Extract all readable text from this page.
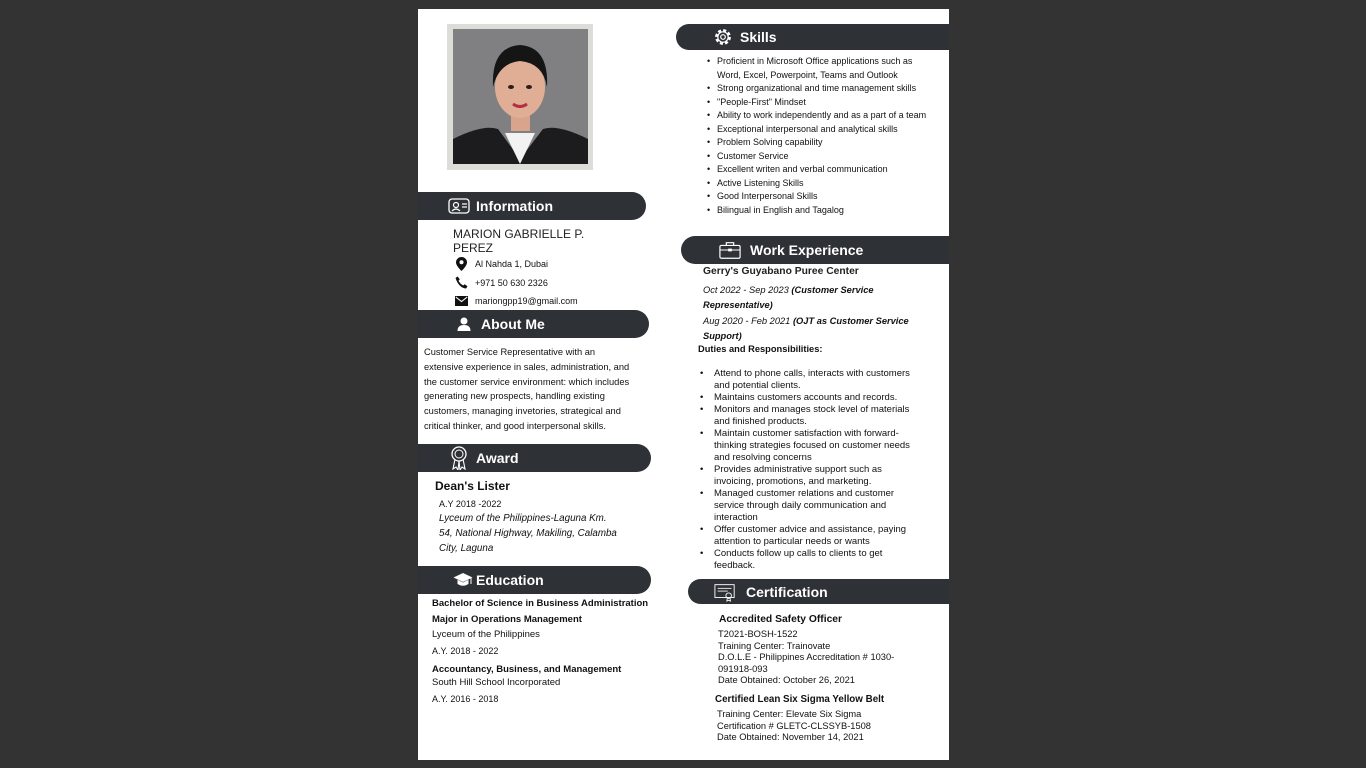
Information
MARION GABRIELLE P.
PEREZ
Al Nahda 1, Dubai
+971 50 630 2326
mariongpp19@gmail.com
About Me
Customer Service Representative with an
extensive experience in sales, administration, and
the customer service environment: which includes
generating new prospects, handling existing
customers, managing invetories, strategical and
critical thinker, and good interpersonal skills.
Award
Dean's Lister
A.Y 2018 -2022
Lyceum of the Philippines-Laguna Km.
54, National Highway, Makiling, Calamba
City, Laguna
Education
Bachelor of Science in Business Administration
Major in Operations Management
Lyceum of the Philippines
A.Y. 2018 - 2022
Accountancy, Business, and Management
South Hill School Incorporated
A.Y. 2016 - 2018
Skills
• Proficient in Microsoft Office applications such as
Word, Excel, Powerpoint, Teams and Outlook
• Strong organizational and time management skills
• "People-First" Mindset
• Ability to work independently and as a part of a team
• Exceptional interpersonal and analytical skills
• Problem Solving capability
• Customer Service
• Excellent writen and verbal communication
• Active Listening Skills
• Good Interpersonal Skills
• Bilingual in English and Tagalog
Work Experience
Gerry's Guyabano Puree Center
Oct 2022 - Sep 2023 (Customer Service
Representative)
Aug 2020 - Feb 2021 (OJT as Customer Service
Support)
Duties and Responsibilities:
• Attend to phone calls, interacts with customers
and potential clients.
• Maintains customers accounts and records.
• Monitors and manages stock level of materials
and finished products.
• Maintain customer satisfaction with forward-
thinking strategies focused on customer needs
and resolving concerns
• Provides administrative support such as
invoicing, promotions, and marketing.
• Managed customer relations and customer
service through daily communication and
interaction
• Offer customer advice and assistance, paying
attention to particular needs or wants
• Conducts follow up calls to clients to get
feedback.
Certification
Accredited Safety Officer
T2021-BOSH-1522
Training Center: Trainovate
D.O.L.E - Philippines Accreditation # 1030-
091918-093
Date Obtained: October 26, 2021
Certified Lean Six Sigma Yellow Belt
Training Center: Elevate Six Sigma
Certification # GLETC-CLSSYB-1508
Date Obtained: November 14, 2021
